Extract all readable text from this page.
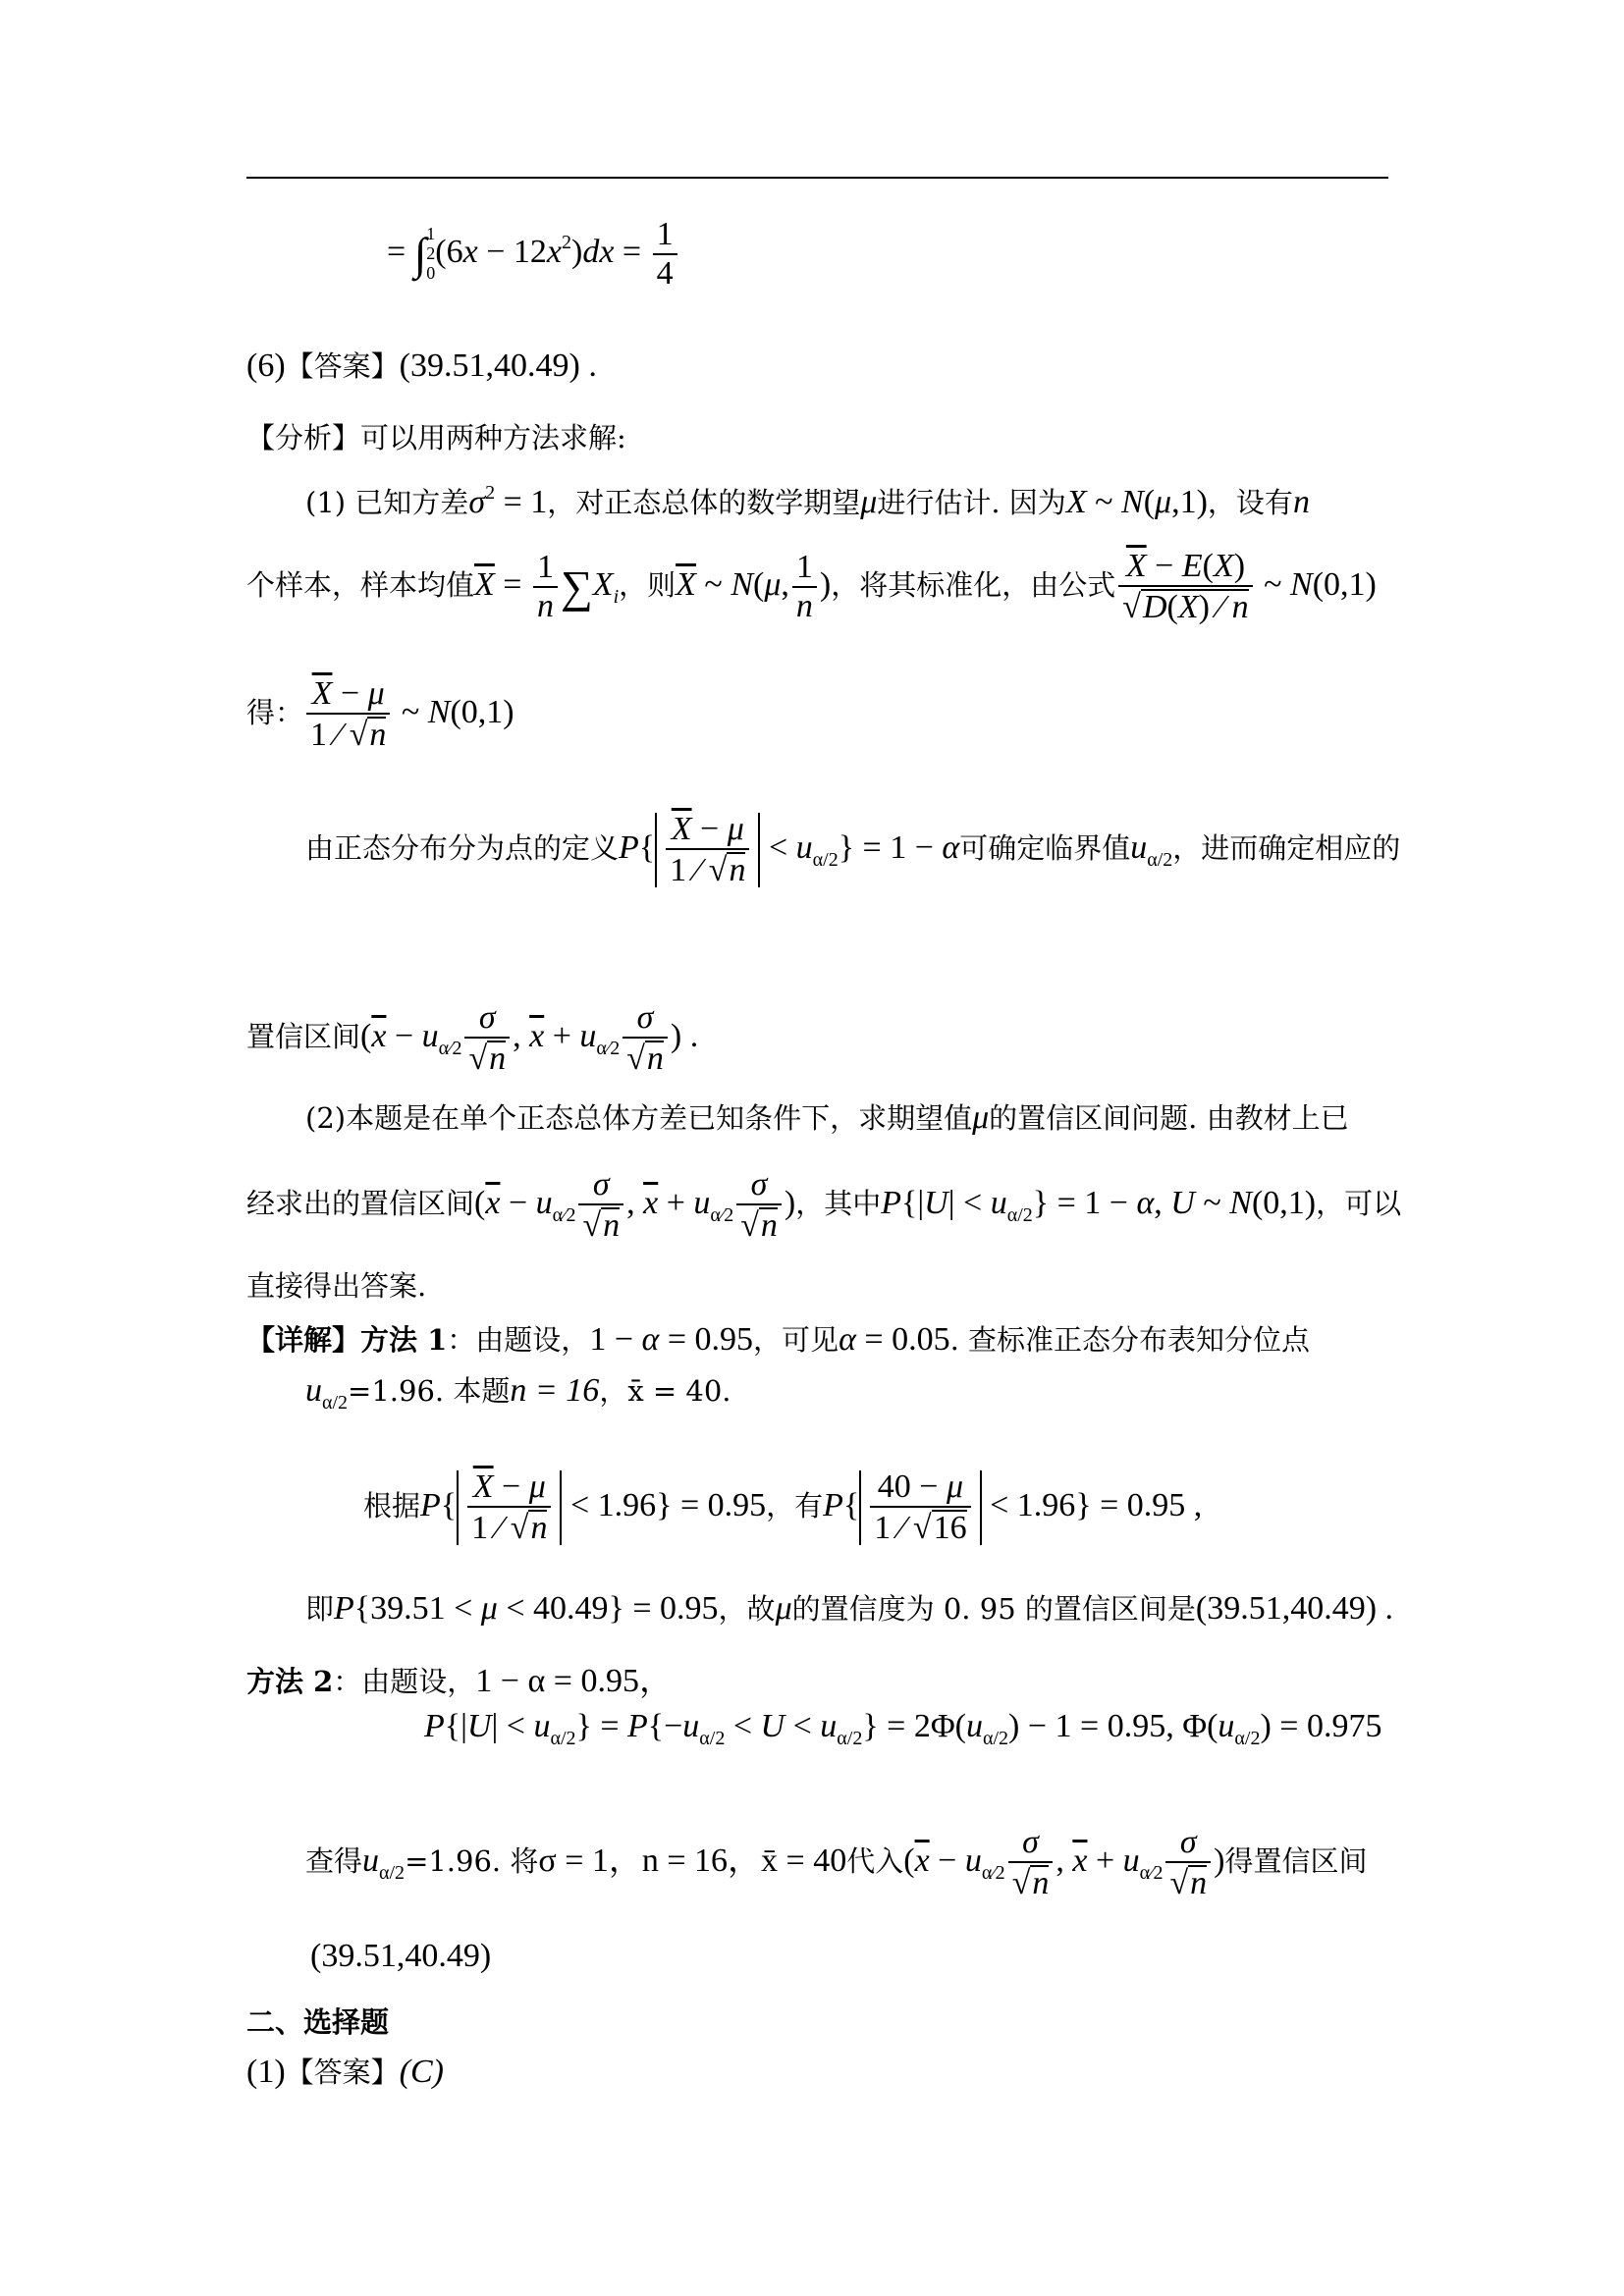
= ∫1
2
$0(6x - 12x^2)dx = \frac{1}{4}$
(6)【答案】(39.51,40.49) .
【分析】可以用两种方法求解:
(1) 已知方差$\sigma^2 = 1$，对正态总体的数学期望μ进行估计. 因为X ~ N(μ,1)，设有n
个样本，样本均值$\overline{X} = \frac{1}{n} \sum X_i$，则$\overline{X}$ ~ N(μ, $\frac{1}{n}$ )，将其标准化，由公式 $\frac{\overline{X} - E(X)}{√D(X) ⁄ n}$ ~ N(0,1)
得： $\frac{\overline{X} - \mu}{1 ⁄ √n}$ ~ N(0,1)
由正态分布分为点的定义$P\{ \frac{\overline{X} - \mu}{1 ⁄ √n} < u_{\alpha/2}\} = 1 - \alpha$可确定临界值$u_{\alpha/2}$，进而确定相应的
置信区间($\overline{x} - u_{\alpha⁄2} \frac{\sigma}{√n}$ , $\overline{x} + u_{\alpha⁄2} \frac{\sigma}{√n}$ ) .
(2)本题是在单个正态总体方差已知条件下，求期望值μ的置信区间问题. 由教材上已
经求出的置信区间($\overline{x} - u_{\alpha⁄2} \frac{\sigma}{√n}$ , $\overline{x} + u_{\alpha⁄2} \frac{\sigma}{√n}$ )，其中$P\{|U| < u_{\alpha/2}\} = 1 - \alpha$, U ~ N(0,1)，可以
直接得出答案.
【详解】方法 1：由题设，1 − α = 0.95，可见α = 0.05. 查标准正态分布表知分位点
$u_{\alpha/2}=1.96$. 本题n = 16，x̄ = 40.
根据$P\{ \frac{\overline{X} - \mu}{1 ⁄ √n} < 1.96\} = 0.95$，有$P\{ \frac{40 - \mu}{1 ⁄ √16} < 1.96\} = 0.95$ ,
即P{39.51 < μ < 40.49} = 0.95，故μ的置信度为 0. 95 的置信区间是(39.51,40.49) .
方法 2：由题设，1 − α = 0.95，
$P\{|U| < u_{\alpha/2}\} = P\{-u_{\alpha/2} < U < u_{\alpha/2}\} = 2\Phi(u_{\alpha/2}) - 1 = 0.95$, $\Phi(u_{\alpha/2}) = 0.975$
查得$u_{\alpha/2}=1.96$. 将σ = 1，n = 16，x̄ = 40代入($\overline{x} - u_{\alpha⁄2} \frac{\sigma}{√n}$ , $\overline{x} + u_{\alpha⁄2} \frac{\sigma}{√n}$ )得置信区间
(39.51,40.49)
二、选择题
(1)【答案】(C)
